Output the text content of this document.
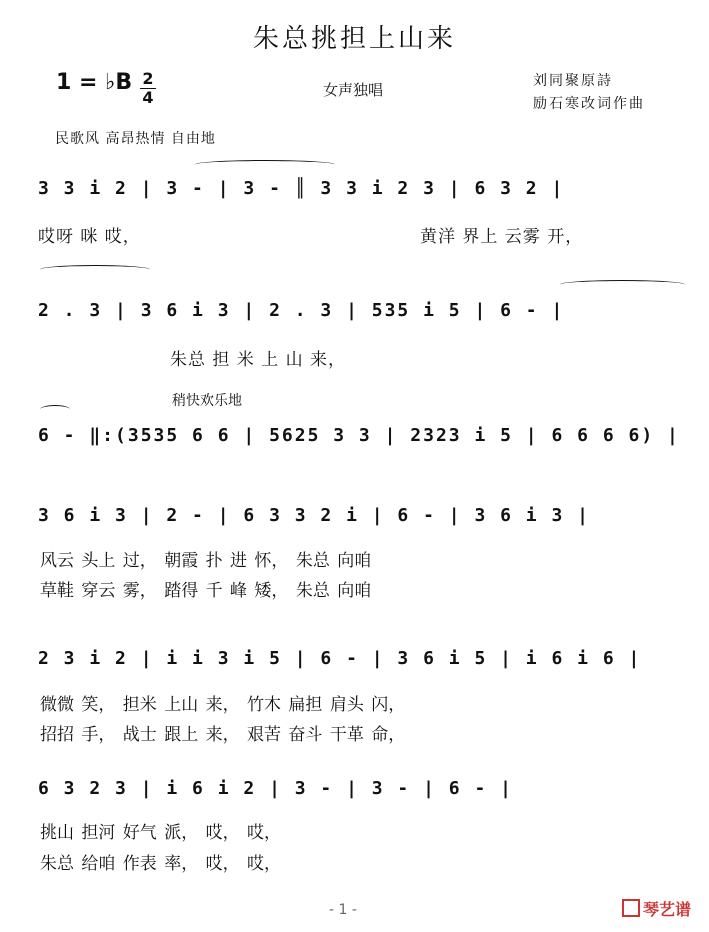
朱总挑担上山来
1 = ♭B $\frac{2}{4}$	女声独唱	刘同聚原詩
励石寒改词作曲
民歌风 高昂热情 自由地
3 3 i 2 | 3 - | 3 - ║ 3 3 i 2 3 | 6 3 2 |
哎呀 咪 哎，	黄洋 界上 云雾 开，
2 . 3 | 3 6 i 3 | 2 . 3 | 535 i 5 | 6 - |
朱总 担 米 上 山 来，
稍快欢乐地
6 - ‖:(3535 6 6 | 5625 3 3 | 2323 i 5 | 6 6 6 6) |
3 6 i 3 | 2 - | 6 3 3 2 i | 6 - | 3 6 i 3 |
风云 头上 过， 朝霞 扑 进 怀， 朱总 向咱
草鞋 穿云 雾， 踏得 千 峰 矮， 朱总 向咱
2 3 i 2 | i i 3 i 5 | 6 - | 3 6 i 5 | i 6 i 6 |
微微 笑， 担米 上山 来， 竹木 扁担 肩头 闪，
招招 手， 战士 跟上 来， 艰苦 奋斗 干革 命，
6 3 2 3 | i 6 i 2 | 3 - | 3 - | 6 - |
挑山 担河 好气 派， 哎， 哎，
朱总 给咱 作表 率， 哎， 哎，
- 1 -	琴艺谱
